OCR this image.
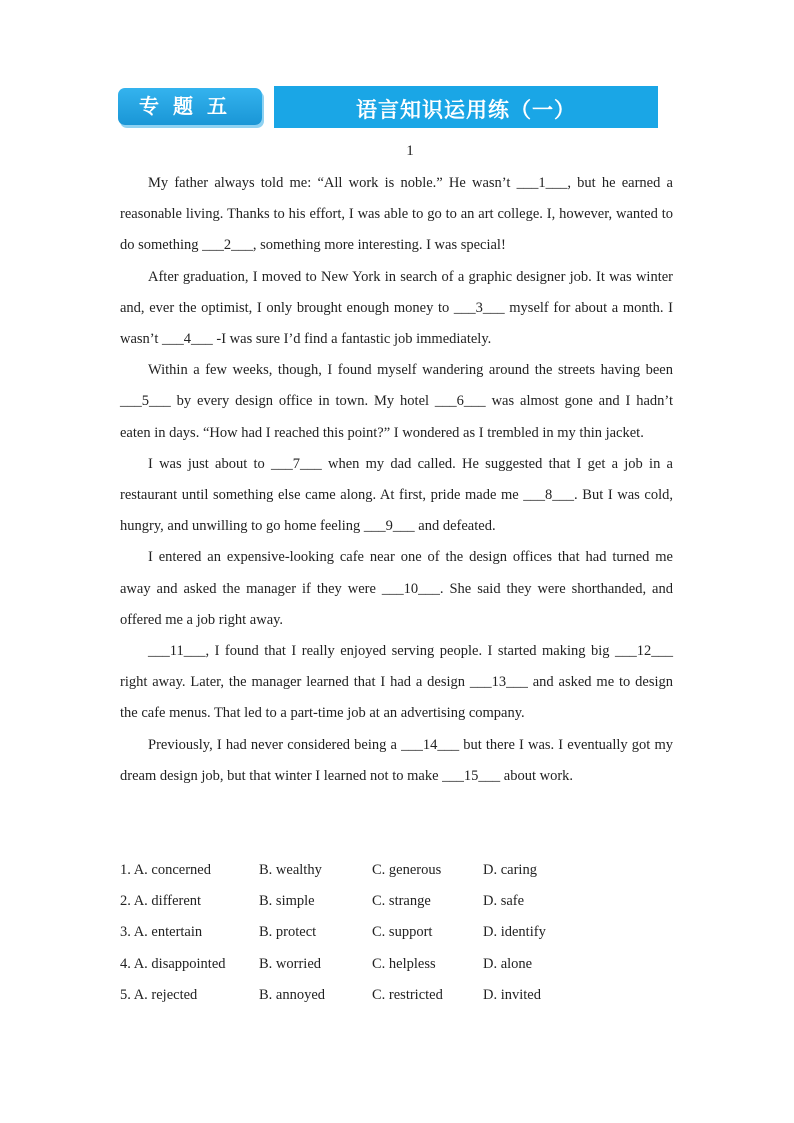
专题五	语言知识运用练（一）
1

My father always told me: “All work is noble.” He wasn’t ___1___, but he earned a reasonable living. Thanks to his effort, I was able to go to an art college. I, however, wanted to do something ___2___, something more interesting. I was special!

After graduation, I moved to New York in search of a graphic designer job. It was winter and, ever the optimist, I only brought enough money to ___3___ myself for about a month. I wasn’t ___4___ -I was sure I’d find a fantastic job immediately.

Within a few weeks, though, I found myself wandering around the streets having been ___5___ by every design office in town. My hotel ___6___ was almost gone and I hadn’t eaten in days. “How had I reached this point?” I wondered as I trembled in my thin jacket.

I was just about to ___7___ when my dad called. He suggested that I get a job in a restaurant until something else came along. At first, pride made me ___8___. But I was cold, hungry, and unwilling to go home feeling ___9___ and defeated.

I entered an expensive-looking cafe near one of the design offices that had turned me away and asked the manager if they were ___10___. She said they were shorthanded, and offered me a job right away.

___11___, I found that I really enjoyed serving people. I started making big ___12___ right away. Later, the manager learned that I had a design ___13___ and asked me to design the cafe menus. That led to a part-time job at an advertising company.

Previously, I had never considered being a ___14___ but there I was. I eventually got my dream design job, but that winter I learned not to make ___15___ about work.

1. A. concerned	B. wealthy	C. generous	D. caring
2. A. different	B. simple	C. strange	D. safe
3. A. entertain	B. protect	C. support	D. identify
4. A. disappointed	B. worried	C. helpless	D. alone
5. A. rejected	B. annoyed	C. restricted	D. invited
